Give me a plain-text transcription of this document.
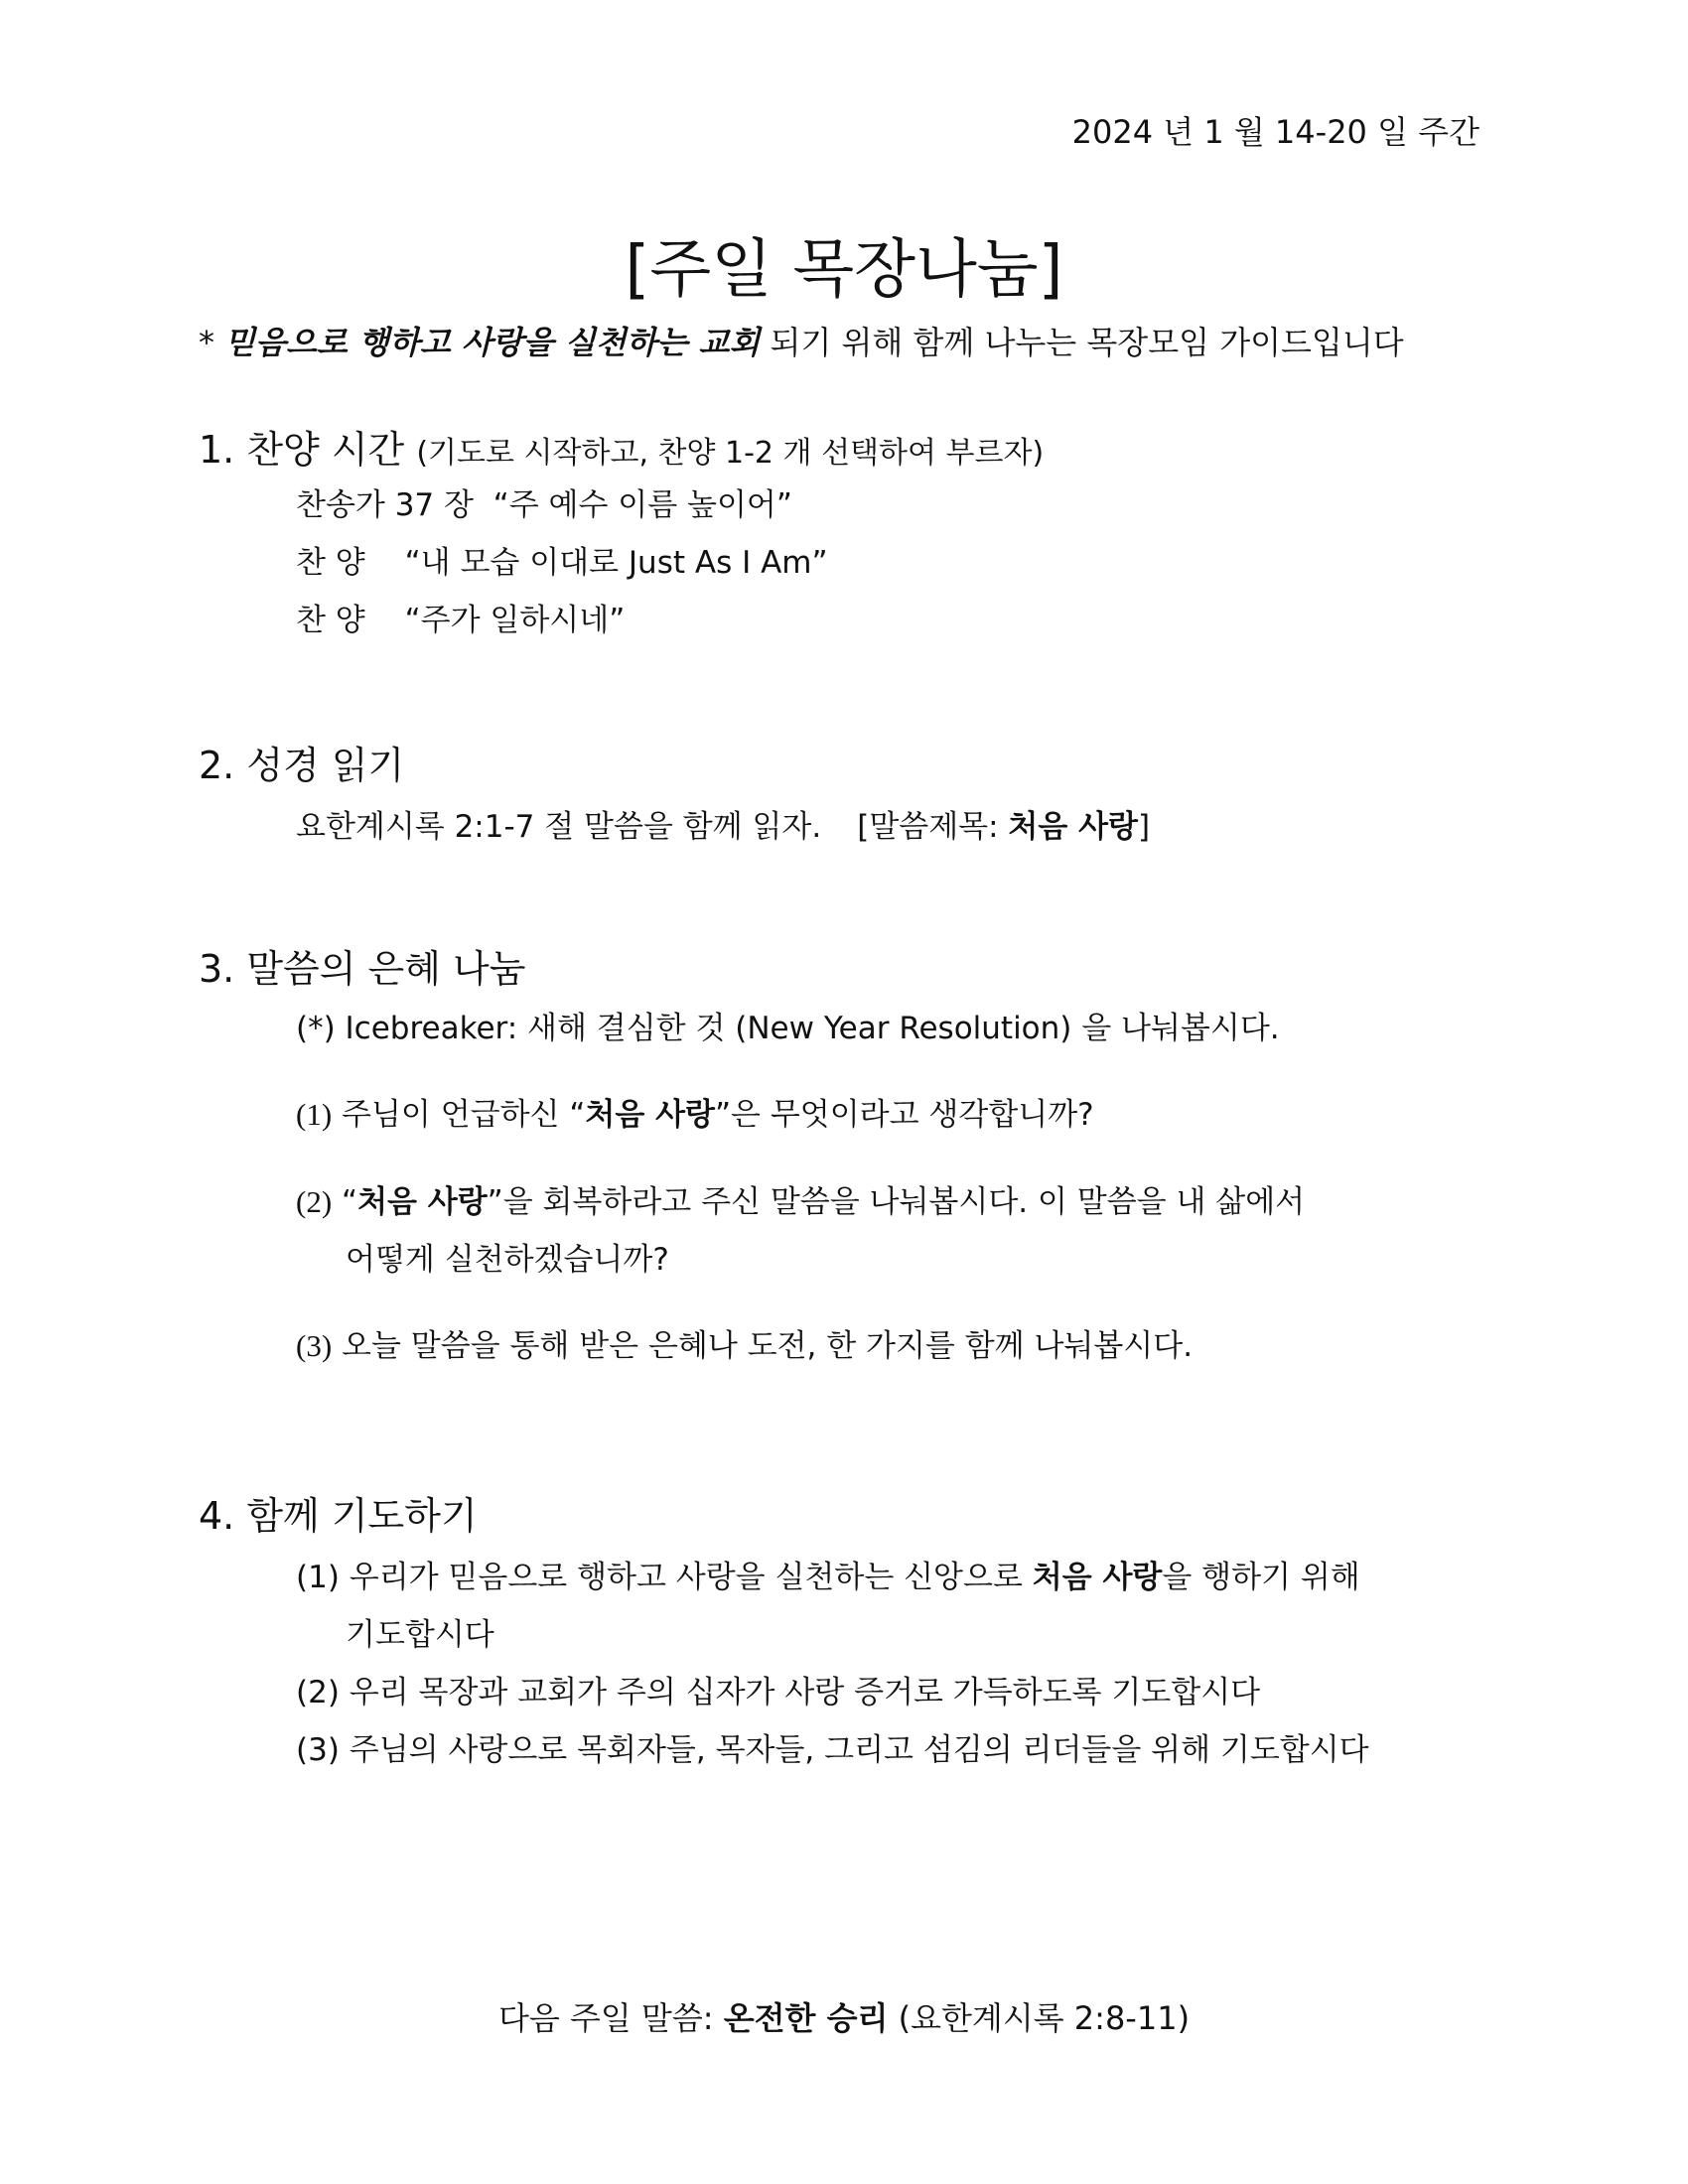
2024 년 1 월 14-20 일 주간
[주일 목장나눔]
* 믿음으로 행하고 사랑을 실천하는 교회 되기 위해 함께 나누는 목장모임 가이드입니다
1. 찬양 시간 (기도로 시작하고, 찬양 1-2 개 선택하여 부르자)
찬송가 37 장 “주 예수 이름 높이어”
찬 양 “내 모습 이대로 Just As I Am”
찬 양 “주가 일하시네”
2. 성경 읽기
요한계시록 2:1-7 절 말씀을 함께 읽자. [말씀제목: 처음 사랑]
3. 말씀의 은혜 나눔
(*) Icebreaker: 새해 결심한 것 (New Year Resolution) 을 나눠봅시다.
(1) 주님이 언급하신 “처음 사랑”은 무엇이라고 생각합니까?
(2) “처음 사랑”을 회복하라고 주신 말씀을 나눠봅시다. 이 말씀을 내 삶에서
어떻게 실천하겠습니까?
(3) 오늘 말씀을 통해 받은 은혜나 도전, 한 가지를 함께 나눠봅시다.
4. 함께 기도하기
(1) 우리가 믿음으로 행하고 사랑을 실천하는 신앙으로 처음 사랑을 행하기 위해
기도합시다
(2) 우리 목장과 교회가 주의 십자가 사랑 증거로 가득하도록 기도합시다
(3) 주님의 사랑으로 목회자들, 목자들, 그리고 섬김의 리더들을 위해 기도합시다
다음 주일 말씀: 온전한 승리 (요한계시록 2:8-11)
